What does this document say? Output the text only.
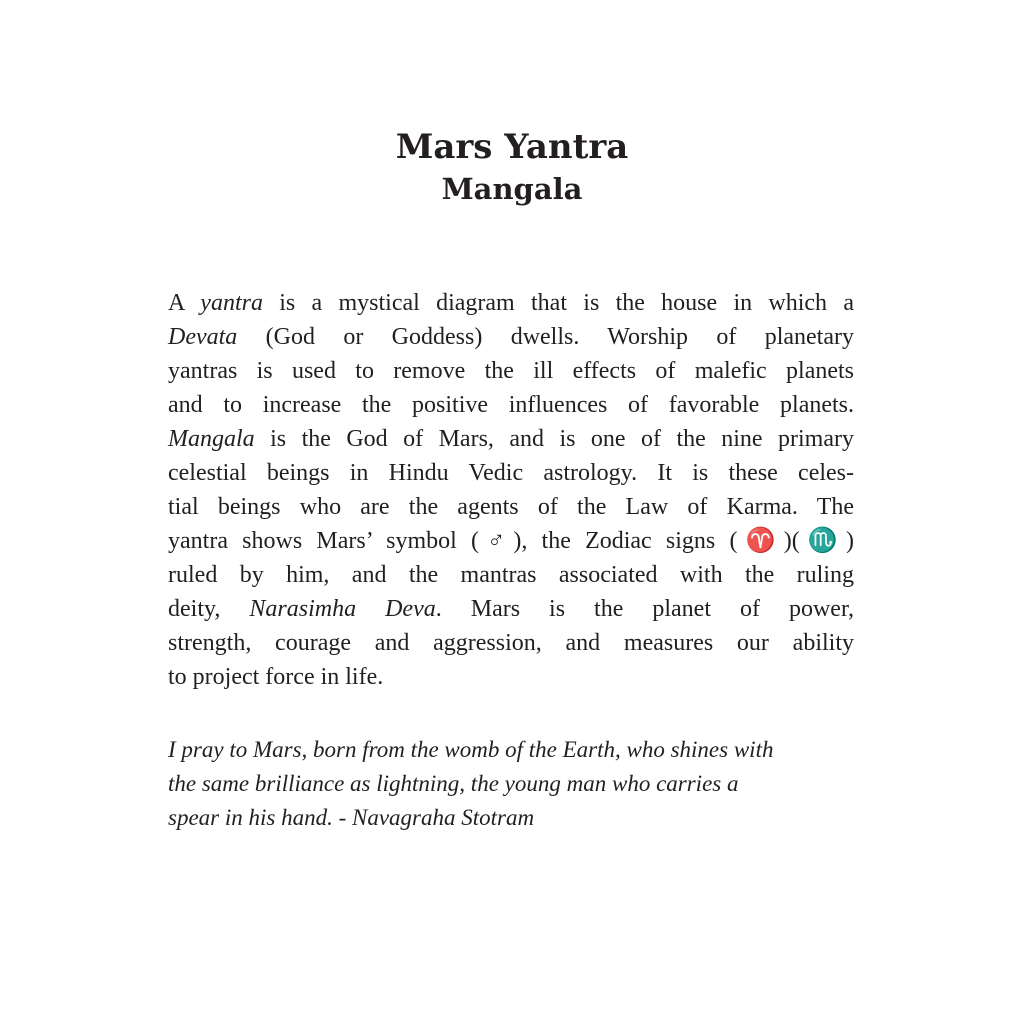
Mars Yantra
Mangala
A yantra is a mystical diagram that is the house in which a
Devata (God or Goddess) dwells. Worship of planetary
yantras is used to remove the ill effects of malefic planets
and to increase the positive influences of favorable planets.
Mangala is the God of Mars, and is one of the nine primary
celestial beings in Hindu Vedic astrology. It is these celes-
tial beings who are the agents of the Law of Karma. The
yantra shows Mars’ symbol (♂), the Zodiac signs (♈)(♏)
ruled by him, and the mantras associated with the ruling
deity, Narasimha Deva. Mars is the planet of power,
strength, courage and aggression, and measures our ability
to project force in life.
I pray to Mars, born from the womb of the Earth, who shines with
the same brilliance as lightning, the young man who carries a
spear in his hand. - Navagraha Stotram
